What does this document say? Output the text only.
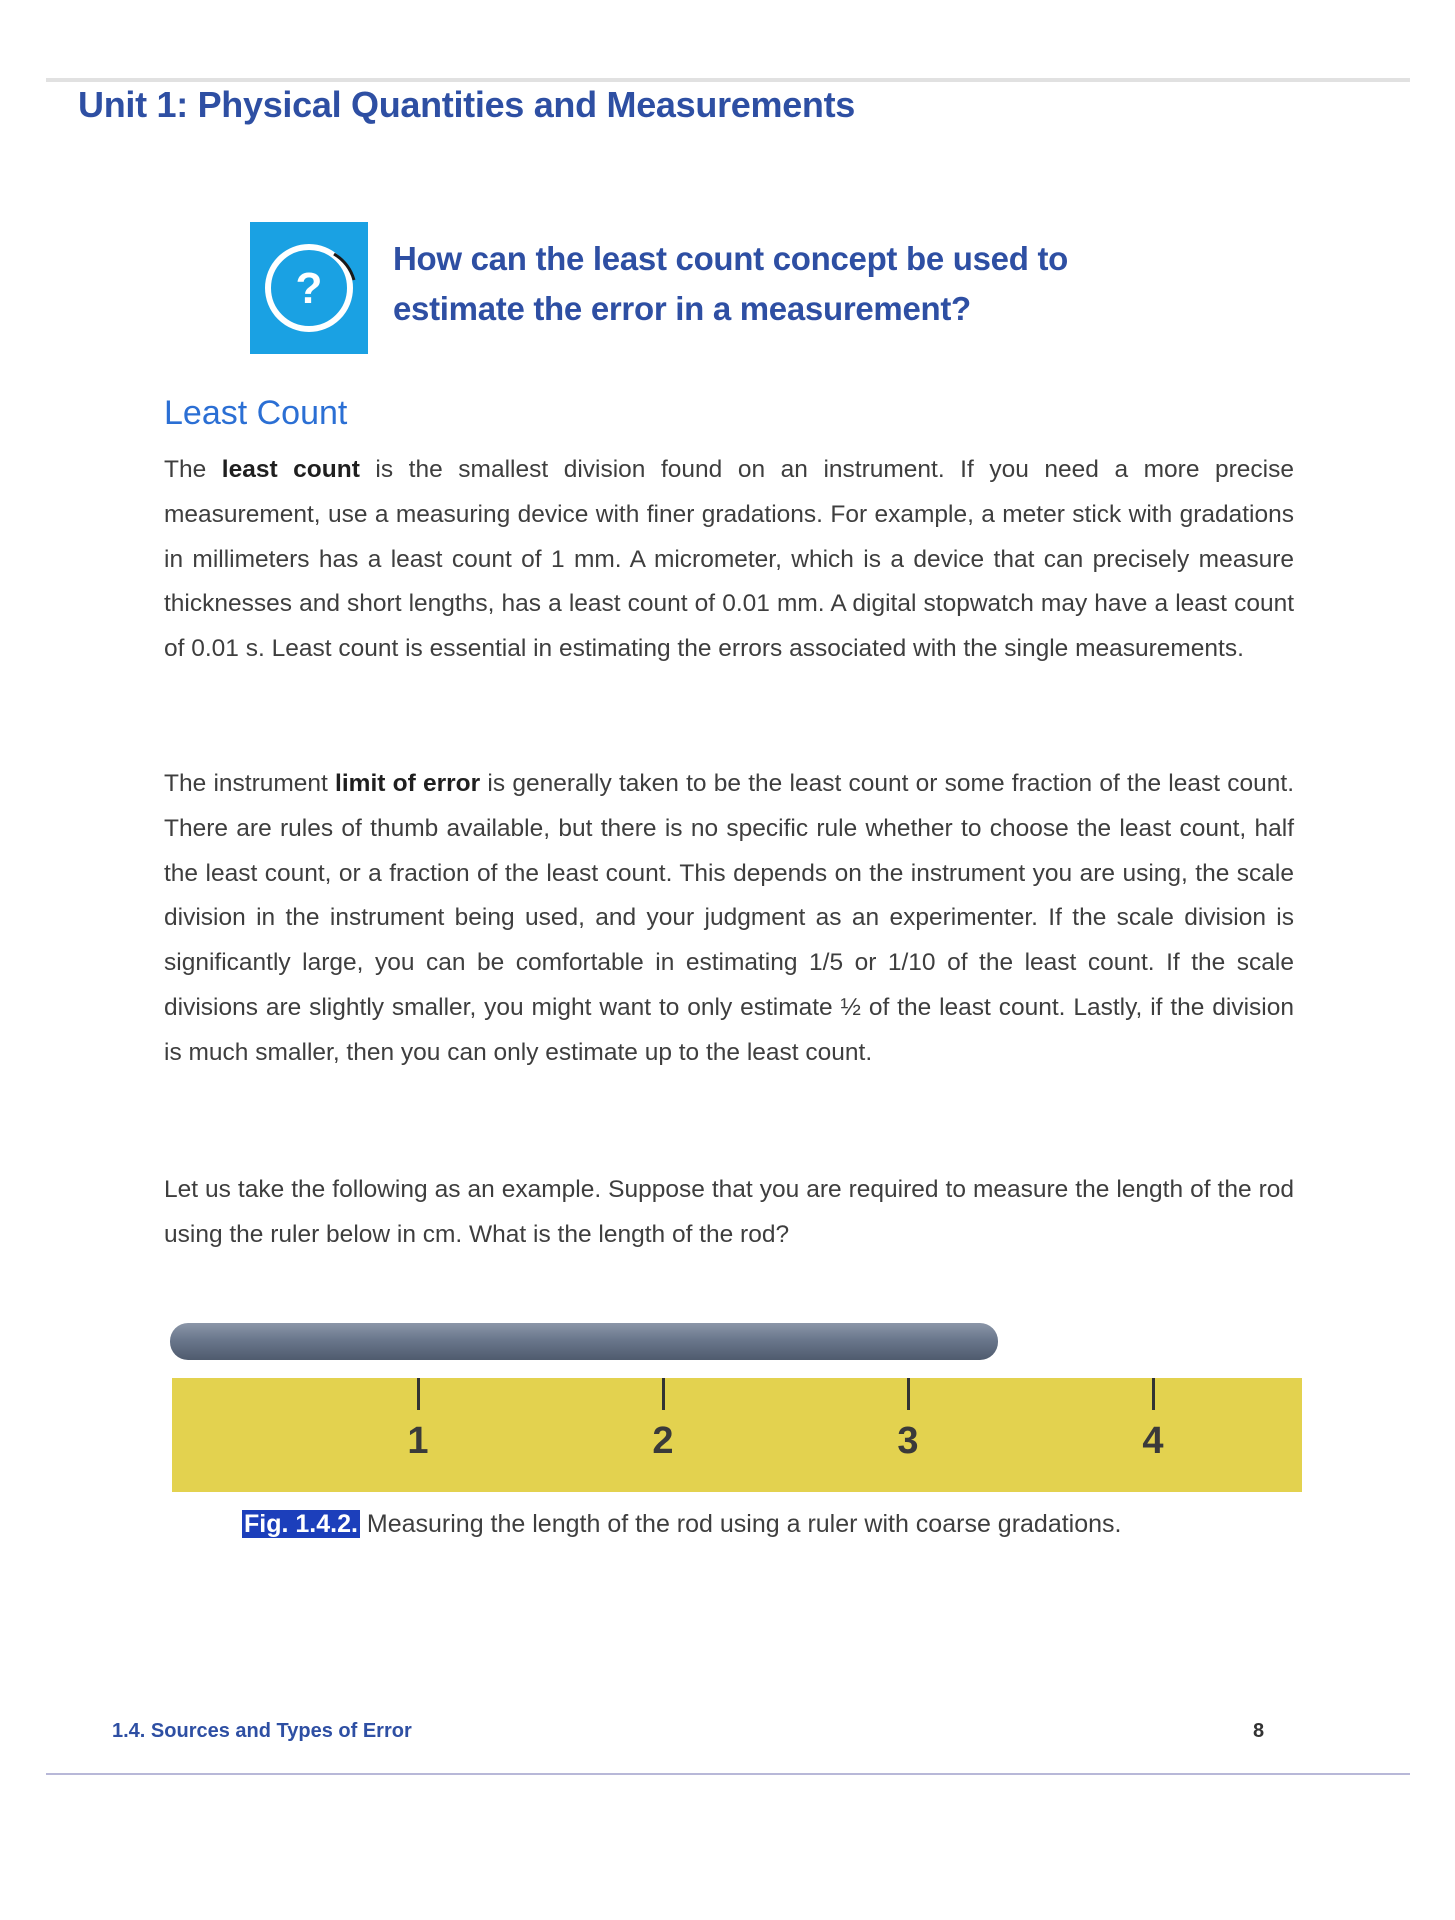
Unit 1: Physical Quantities and Measurements
?
How can the least count concept be used to
estimate the error in a measurement?
Least Count

The least count is the smallest division found on an instrument. If you need a more precise measurement, use a measuring device with finer gradations. For example, a meter stick with gradations in millimeters has a least count of 1 mm. A micrometer, which is a device that can precisely measure thicknesses and short lengths, has a least count of 0.01 mm. A digital stopwatch may have a least count of 0.01 s. Least count is essential in estimating the errors associated with the single measurements.

The instrument limit of error is generally taken to be the least count or some fraction of the least count. There are rules of thumb available, but there is no specific rule whether to choose the least count, half the least count, or a fraction of the least count. This depends on the instrument you are using, the scale division in the instrument being used, and your judgment as an experimenter. If the scale division is significantly large, you can be comfortable in estimating 1/5 or 1/10 of the least count. If the scale divisions are slightly smaller, you might want to only estimate ½ of the least count. Lastly, if the division is much smaller, then you can only estimate up to the least count.

Let us take the following as an example. Suppose that you are required to measure the length of the rod using the ruler below in cm. What is the length of the rod?

1	2	3	4
Fig. 1.4.2. Measuring the length of the rod using a ruler with coarse gradations.
1.4. Sources and Types of Error	8
